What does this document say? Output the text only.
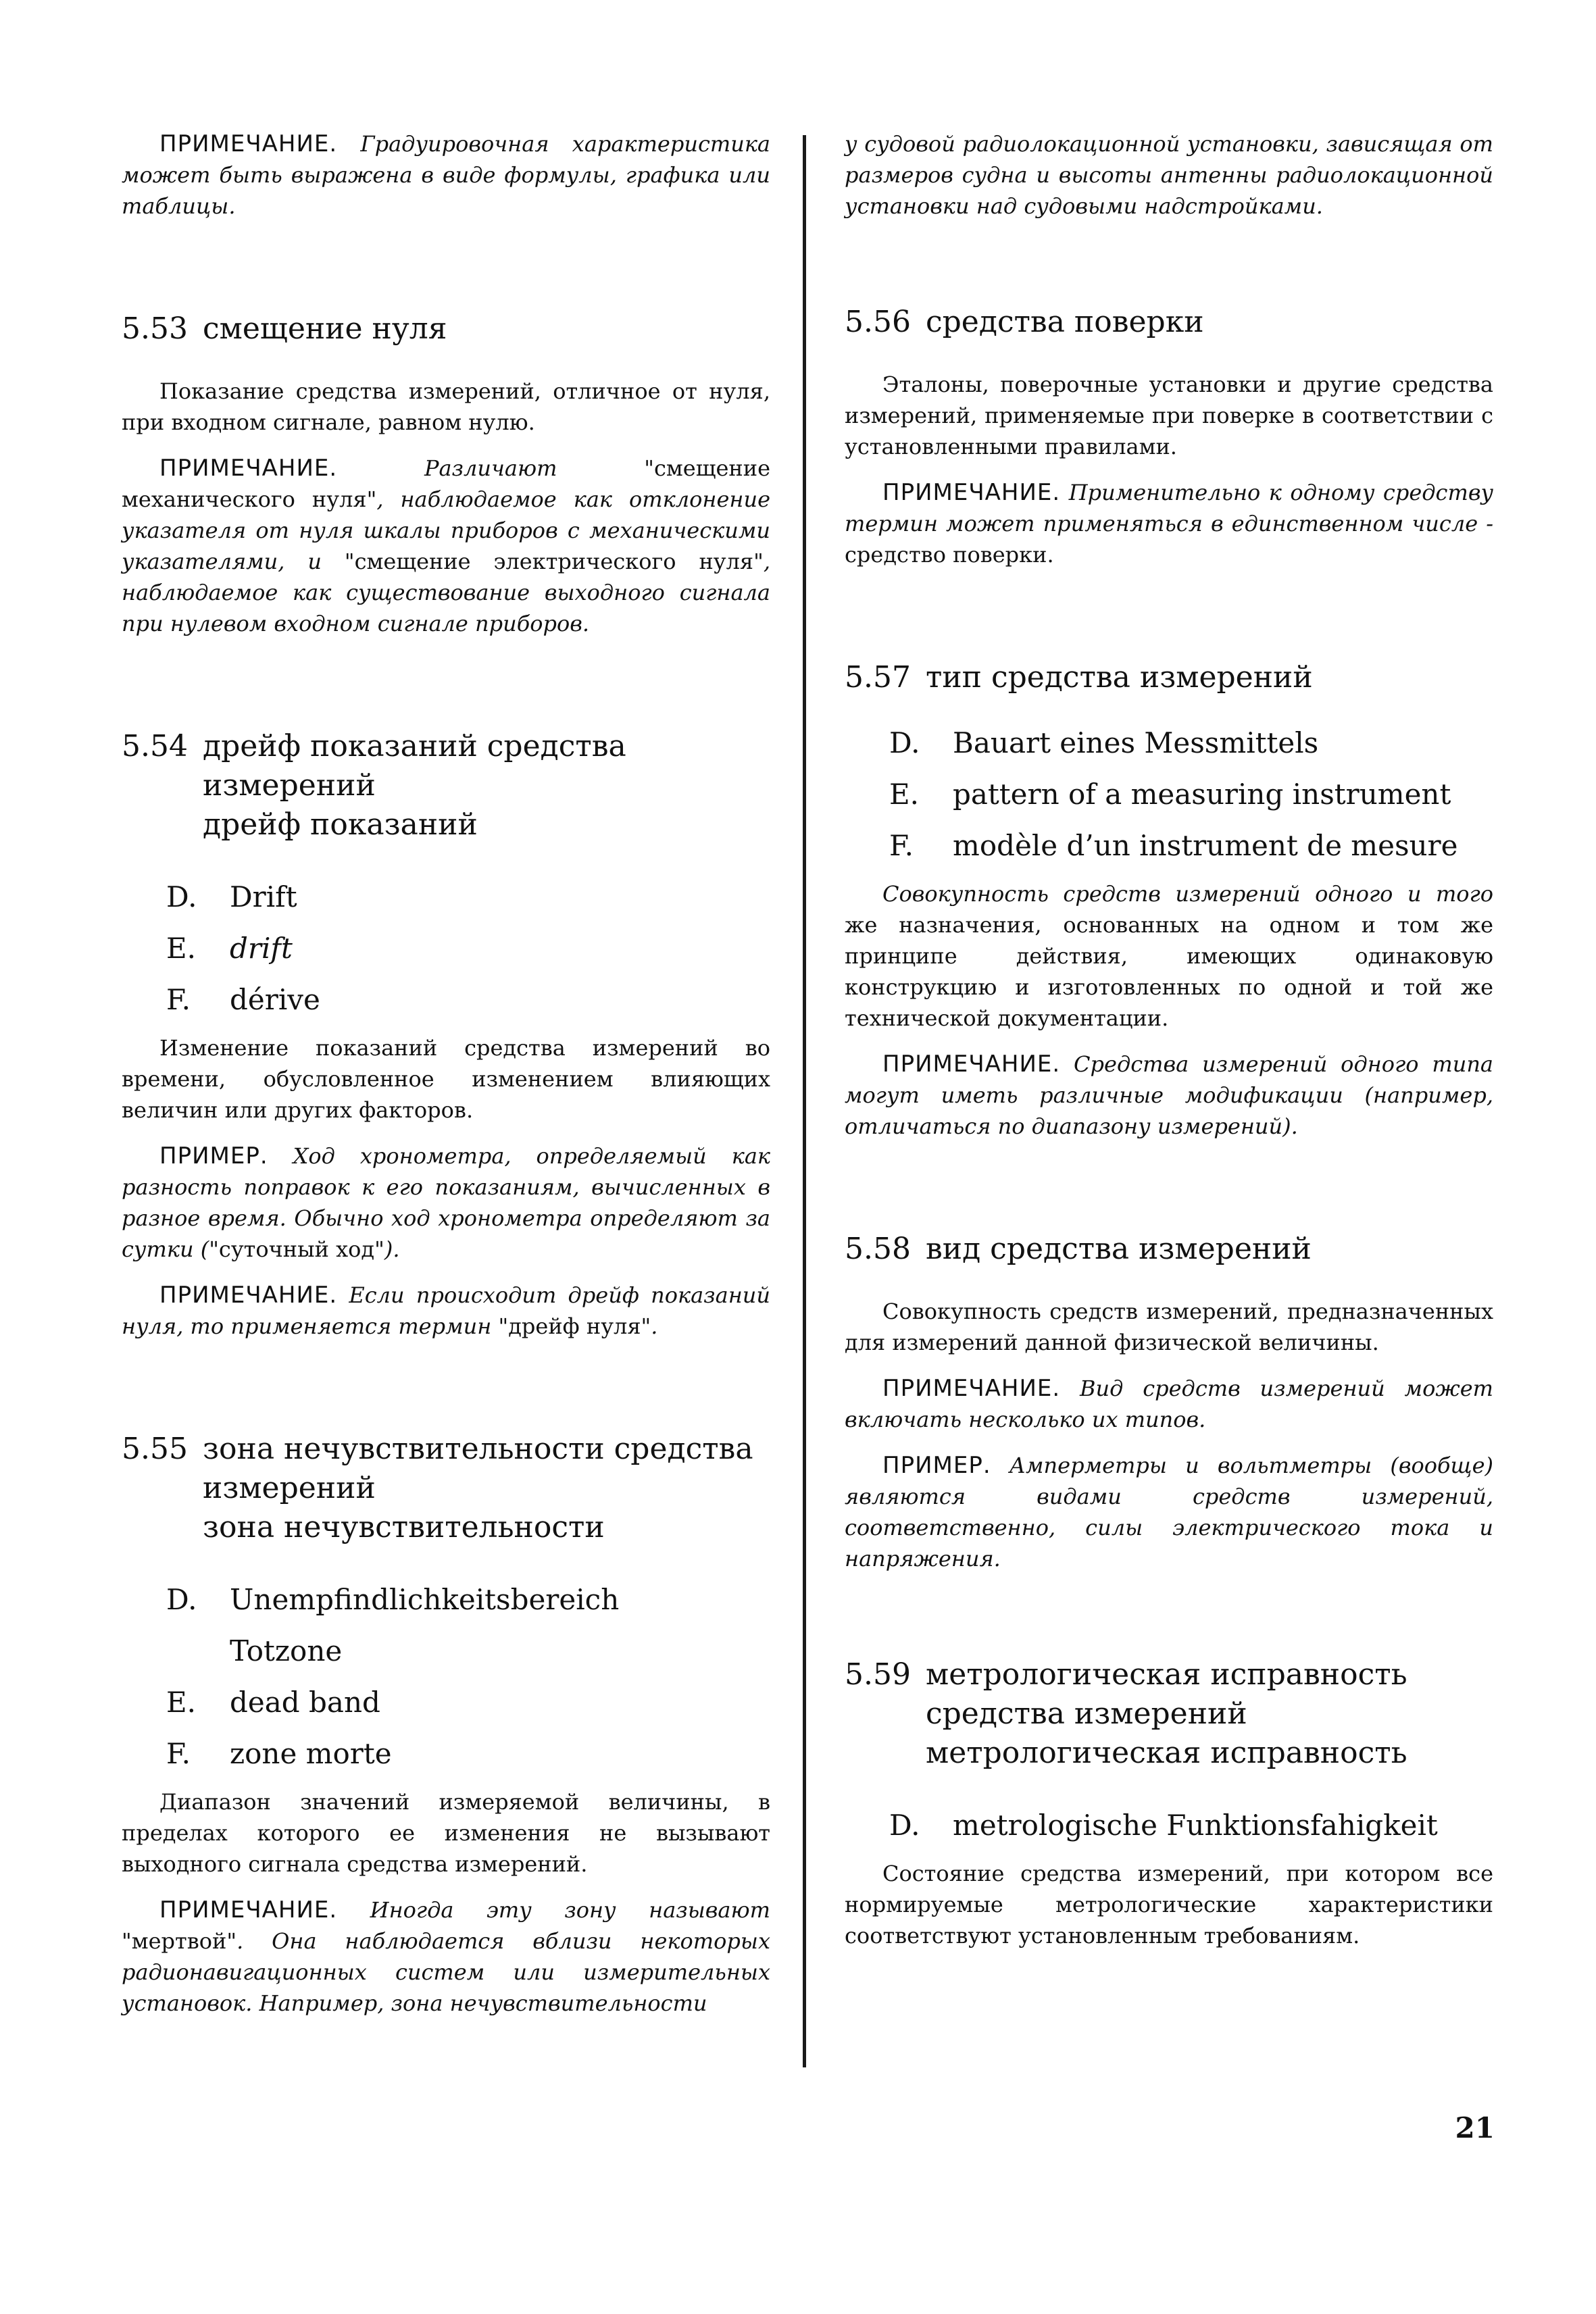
ПРИМЕЧАНИЕ. Градуировочная характеристика может быть выражена в виде формулы, графика или таблицы.

5.53 смещение нуля

Показание средства измерений, отличное от нуля, при входном сигнале, равном нулю.

ПРИМЕЧАНИЕ. Различают "смещение механического нуля", наблюдаемое как отклонение указателя от нуля шкалы приборов с механическими указателями, и "смещение электрического нуля", наблюдаемое как существование выходного сигнала при нулевом входном сигнале приборов.

5.54 дрейф показаний средства
измерений
дрейф показаний

D. Drift

E. drift

F. dérive

Изменение показаний средства измерений во времени, обусловленное изменением влияющих величин или других факторов.

ПРИМЕР. Ход хронометра, определяемый как разность поправок к его показаниям, вычисленных в разное время. Обычно ход хронометра определяют за сутки ("суточный ход").

ПРИМЕЧАНИЕ. Если происходит дрейф показаний нуля, то применяется термин "дрейф нуля".

5.55 зона нечувствительности средства
измерений
зона нечувствительности

D. Unempfindlichkeitsbereich
Totzone

E. dead band

F. zone morte

Диапазон значений измеряемой величины, в пределах которого ее изменения не вызывают выходного сигнала средства измерений.

ПРИМЕЧАНИЕ. Иногда эту зону называют "мертвой". Она наблюдается вблизи некоторых радионавигационных систем или измерительных установок. Например, зона нечувствительности

у судовой радиолокационной установки, зависящая от размеров судна и высоты антенны радиолокационной установки над судовыми надстройками.

5.56 средства поверки

Эталоны, поверочные установки и другие средства измерений, применяемые при поверке в соответствии с установленными правилами.

ПРИМЕЧАНИЕ. Применительно к одному средству термин может применяться в единственном числе - средство поверки.

5.57 тип средства измерений

D. Bauart eines Messmittels

E. pattern of a measuring instrument

F. modèle d’un instrument de mesure

Совокупность средств измерений одного и того же назначения, основанных на одном и том же принципе действия, имеющих одинаковую конструкцию и изготовленных по одной и той же технической документации.

ПРИМЕЧАНИЕ. Средства измерений одного типа могут иметь различные модификации (например, отличаться по диапазону измерений).

5.58 вид средства измерений

Совокупность средств измерений, предназначенных для измерений данной физической величины.

ПРИМЕЧАНИЕ. Вид средств измерений может включать несколько их типов.

ПРИМЕР. Амперметры и вольтметры (вообще) являются видами средств измерений, соответственно, силы электрического тока и напряжения.

5.59 метрологическая исправность
средства измерений
метрологическая исправность

D. metrologische Funktionsfahigkeit

Состояние средства измерений, при котором все нормируемые метрологические характеристики соответствуют установленным требованиям.

21
